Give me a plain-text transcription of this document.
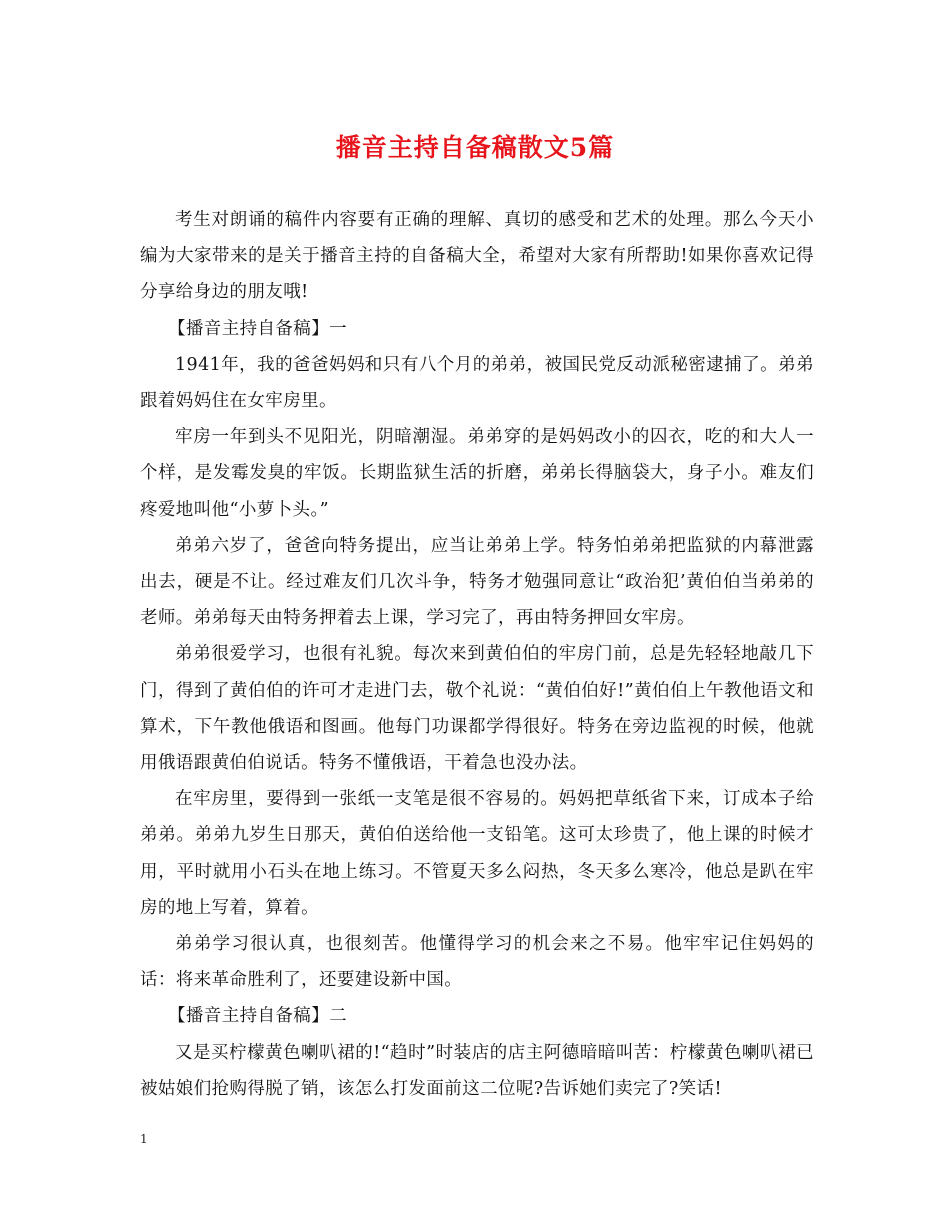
播音主持自备稿散文5篇

考生对朗诵的稿件内容要有正确的理解、真切的感受和艺术的处理。那么今天小编为大家带来的是关于播音主持的自备稿大全，希望对大家有所帮助!如果你喜欢记得分享给身边的朋友哦!

【播音主持自备稿】一

1941年，我的爸爸妈妈和只有八个月的弟弟，被国民党反动派秘密逮捕了。弟弟跟着妈妈住在女牢房里。

牢房一年到头不见阳光，阴暗潮湿。弟弟穿的是妈妈改小的囚衣，吃的和大人一个样，是发霉发臭的牢饭。长期监狱生活的折磨，弟弟长得脑袋大，身子小。难友们疼爱地叫他“小萝卜头。”

弟弟六岁了，爸爸向特务提出，应当让弟弟上学。特务怕弟弟把监狱的内幕泄露出去，硬是不让。经过难友们几次斗争，特务才勉强同意让“政治犯’黄伯伯当弟弟的老师。弟弟每天由特务押着去上课，学习完了，再由特务押回女牢房。

弟弟很爱学习，也很有礼貌。每次来到黄伯伯的牢房门前，总是先轻轻地敲几下门，得到了黄伯伯的许可才走进门去，敬个礼说：“黄伯伯好!”黄伯伯上午教他语文和算术，下午教他俄语和图画。他每门功课都学得很好。特务在旁边监视的时候，他就用俄语跟黄伯伯说话。特务不懂俄语，干着急也没办法。

在牢房里，要得到一张纸一支笔是很不容易的。妈妈把草纸省下来，订成本子给弟弟。弟弟九岁生日那天，黄伯伯送给他一支铅笔。这可太珍贵了，他上课的时候才用，平时就用小石头在地上练习。不管夏天多么闷热，冬天多么寒冷，他总是趴在牢房的地上写着，算着。

弟弟学习很认真，也很刻苦。他懂得学习的机会来之不易。他牢牢记住妈妈的话：将来革命胜利了，还要建设新中国。

【播音主持自备稿】二

又是买柠檬黄色喇叭裙的!“趋时”时装店的店主阿德暗暗叫苦：柠檬黄色喇叭裙已被姑娘们抢购得脱了销，该怎么打发面前这二位呢?告诉她们卖完了?笑话!

1
